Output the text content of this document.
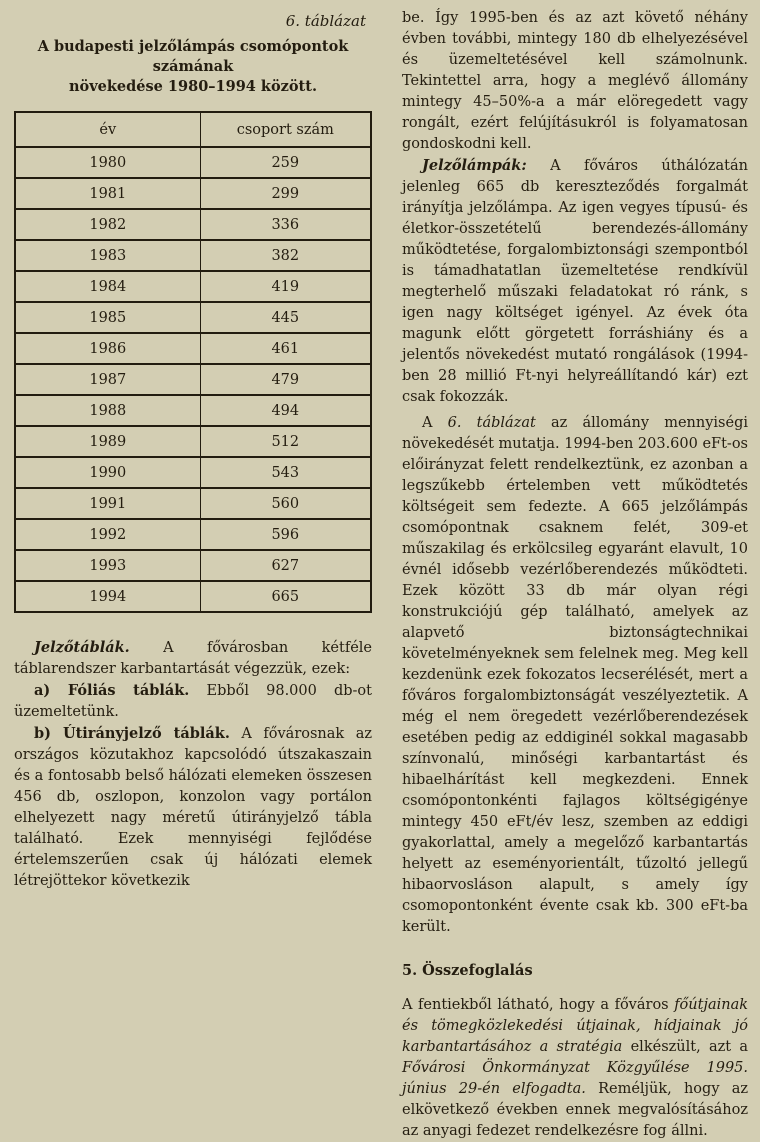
6. táblázat
A budapesti jelzőlámpás csomópontok számának
növekedése 1980–1994 között.
év	csoport szám
1980	259
1981	299
1982	336
1983	382
1984	419
1985	445
1986	461
1987	479
1988	494
1989	512
1990	543
1991	560
1992	596
1993	627
1994	665

Jelzőtáblák. A fővárosban kétféle táblarendszer karbantartását végezzük, ezek:

a) Fóliás táblák. Ebből 98.000 db-ot üzemeltetünk.

b) Útirányjelző táblák. A fővárosnak az országos közutakhoz kapcsolódó útszakaszain és a fontosabb belső hálózati elemeken összesen 456 db, oszlopon, konzolon vagy portálon elhelyezett nagy méretű útirányjelző tábla található. Ezek mennyiségi fejlődése értelemszerűen csak új hálózati elemek létrejöttekor következik

be. Így 1995-ben és az azt követő néhány évben további, mintegy 180 db elhelyezésével és üzemeltetésével kell számolnunk. Tekintettel arra, hogy a meglévő állomány mintegy 45–50%-a a már elöregedett vagy rongált, ezért felújításukról is folyamatosan gondoskodni kell.

Jelzőlámpák: A főváros úthálózatán jelenleg 665 db kereszteződés forgalmát irányítja jelzőlámpa. Az igen vegyes típusú- és életkor-összetételű berendezés-állomány működtetése, forgalombiztonsági szempontból is támadhatatlan üzemeltetése rendkívül megterhelő műszaki feladatokat ró ránk, s igen nagy költséget igényel. Az évek óta magunk előtt görgetett forráshiány és a jelentős növekedést mutató rongálások (1994-ben 28 millió Ft-nyi helyreállítandó kár) ezt csak fokozzák.

A 6. táblázat az állomány mennyiségi növekedését mutatja. 1994-ben 203.600 eFt-os előirányzat felett rendelkeztünk, ez azonban a legszűkebb értelemben vett működtetés költségeit sem fedezte. A 665 jelzőlámpás csomópontnak csaknem felét, 309-et műszakilag és erkölcsileg egyaránt elavult, 10 évnél idősebb vezérlőberendezés működteti. Ezek között 33 db már olyan régi konstrukciójú gép található, amelyek az alapvető biztonságtechnikai követelményeknek sem felelnek meg. Meg kell kezdenünk ezek fokozatos lecserélését, mert a főváros forgalombiztonságát veszélyeztetik. A még el nem öregedett vezérlőberendezések esetében pedig az eddiginél sokkal magasabb színvonalú, minőségi karbantartást és hibaelhárítást kell megkezdeni. Ennek csomópontonkénti fajlagos költségigénye mintegy 450 eFt/év lesz, szemben az eddigi gyakorlattal, amely a megelőző karbantartás helyett az eseményorientált, tűzoltó jellegű hibaorvosláson alapult, s amely így csomopontonként évente csak kb. 300 eFt-ba került.

5. Összefoglalás

A fentiekből látható, hogy a főváros főútjainak és tömegközlekedési útjainak, hídjainak jó karbantartásához a stratégia elkészült, azt a Fővárosi Önkormányzat Közgyűlése 1995. június 29-én elfogadta. Reméljük, hogy az elkövetkező években ennek megvalósításához az anyagi fedezet rendelkezésre fog állni.
